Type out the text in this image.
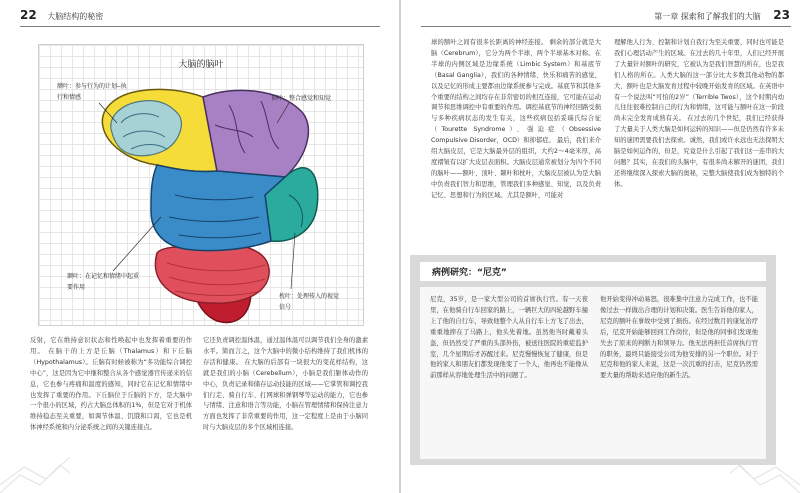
22 大脑结构的秘密
大脑的脑叶
额叶：参与行为的计划—执
行和情感	顶叶：整合感觉和知觉
颞叶：在记忆和情绪中起重
要作用
枕叶：处理传入的视觉
信号

反射，它在维持意识状态和性唤起中也发挥着重要的作用。 在脑干的上方是丘脑（Thalamus）和下丘脑（Hypothalamus）。丘脑有时候被称为“多功能综合调控中心”，这是因为它中继和整合从各个感觉器官传递来的信息，它也参与疼痛和温度的感知，同时它在记忆和情绪中也发挥了重要的作用。下丘脑位于丘脑的下方，是大脑中一个很小的区域，约占大脑总体积的1%，但是它对于机体维持稳态至关重要，如调节体温、饥饿和口渴，它也是机体神经系统和内分泌系统之间的关键连接点。

它还负责调控温体温，通过温体温可以调节我们全身的激素水平。简而言之，这个大脑中的微小结构维持了我们机体的存活和健康。 在大脑的后部有一块很大的变花样结构，这就是我们的小脑（Cerebellum），小脑是我们躯体动作的中心，负责记录和储存运动技能的区域——它掌管和调控我们行走、骑自行车、打网球和弹钢琴等运动的能力，它也参与情绪、注意和语言等功能，小脑在管理情绪和保持注意力方面也发挥了非常重要的作用，这一定程度上是由于小脑同时与大脑皮层的多个区域相连接。

第一章 探索和了解我们的大脑 23

球的额叶之间有很多长距离的神经连接。 剩余的部分就是大脑（Cerebrum），它分为两个半球，两个半球基本对称。在半球的内侧区域是边缘系统（Limbic System）和基底节（Basal Ganglia），我们的各种情绪、快乐和痛苦的感觉，以及记忆的形成主要都由边缘系统参与完成。基底节和其他多个重要的结构之间均存在非常密切的相互连接，它可能在运动调节和思维调控中有重要的作用。调控基底节的神经回路受损与多种疾病状态的发生有关，这些疾病包括妥瑞氏综合征（Tourette Syndrome）、强迫症（Obsessive Compulsive Disorder，OCD）和抑郁症。 最后，我们来介绍大脑皮层，它是大脑最外层的组织，大约2～4毫米厚，高度褶皱有以扩大皮层表面积。大脑皮层通常被划分为四个不同的脑叶——额叶、顶叶、颞叶和枕叶，大脑皮层被认为是大脑中负责我们智力和思维，管理我们多种感觉、知觉，以及负责记忆、思想和行为的区域。尤其是额叶，可能对

理解他人行为、控制和计划自我行为至关重要，同时也可能是我们心理活动产生的区域。在过去的几十年里，人们已经开展了大量针对额叶的研究，它被认为是我们智慧的所在，也是我们人格的所在。人类大脑的这一部分比大多数其他动物的都大，额叶也是大脑发育过程中较晚开始发育的区域。在英语中有一个说法叫“可怕的2岁”（Terrible Twos），这个时期内幼儿往往很难控制自己的行为和情绪，这可能与额叶在这一阶段尚未完全发育成熟有关。 在过去的几个世纪，我们已经获得了大量关于人类大脑是如何运转的知识——但是仍然有许多未知的谜团需要我们去探索。诚然，我们或许永远也无法探明大脑是如何运作的，但是，究竟是什么引起了我们这一连串的大问题？其实，在我们的头脑中，有很多尚未解开的谜团，我们还将继续深入探索大脑的奥秘，完整大脑使我们成为独特的个体。

病例研究：“尼克”

尼克，35岁，是一家大型公司的首席执行官。有一天夜里，在他骑自行车回家的路上，一辆巨大的四轮越野车撞上了他的自行车，导致他整个人从自行车上方飞了出去，重重地摔在了马路上，他头先着地。虽然他当时戴着头盔，但仍然受了严重的头部外伤，被送往医院的重症监护室，几个星期后才苏醒过来。尼克慢慢恢复了健康，但是他的家人和朋友们都发现他变了一个人，他再也不能像从前那样从容地处理生活中的问题了。

他开始变得冲动易怒，很难集中注意力完成工作，也不能像过去一样做出合理的计划和决策。医生告诉他的家人，尼克的额叶在事故中受到了损伤。在经过数月的康复治疗后，尼克开始能够回到工作岗位，但是他的同事们发现他失去了原来的判断力和领导力。他无法再担任首席执行官的职务，最终只能接受公司为他安排的另一个职位。对于尼克和他的家人来说，这是一次沉重的打击，尼克仍然需要大量的帮助来适应他的新生活。
